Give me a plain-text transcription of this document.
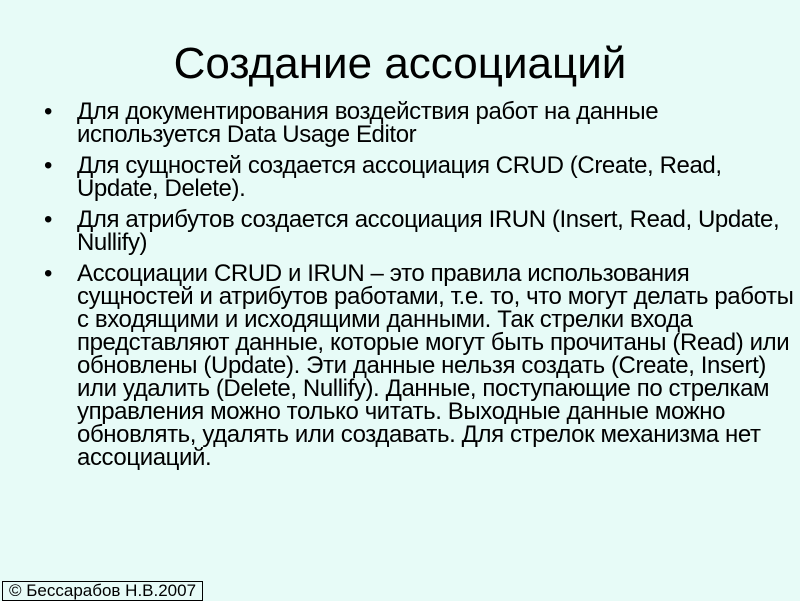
Создание ассоциаций
• Для документирования воздействия работ на данные используется Data Usage Editor
• Для сущностей создается ассоциация CRUD (Create, Read, Update, Delete).
• Для атрибутов создается ассоциация IRUN (Insert, Read, Update, Nullify)
• Ассоциации CRUD и IRUN – это правила использования сущностей и атрибутов работами, т.е. то, что могут делать работы с входящими и исходящими данными. Так стрелки входа представляют данные, которые могут быть прочитаны (Read) или обновлены (Update). Эти данные нельзя создать (Create, Insert) или удалить (Delete, Nullify). Данные, поступающие по стрелкам управления можно только читать. Выходные данные можно обновлять, удалять или создавать. Для стрелок механизма нет ассоциаций.
© Бессарабов Н.В.2007
